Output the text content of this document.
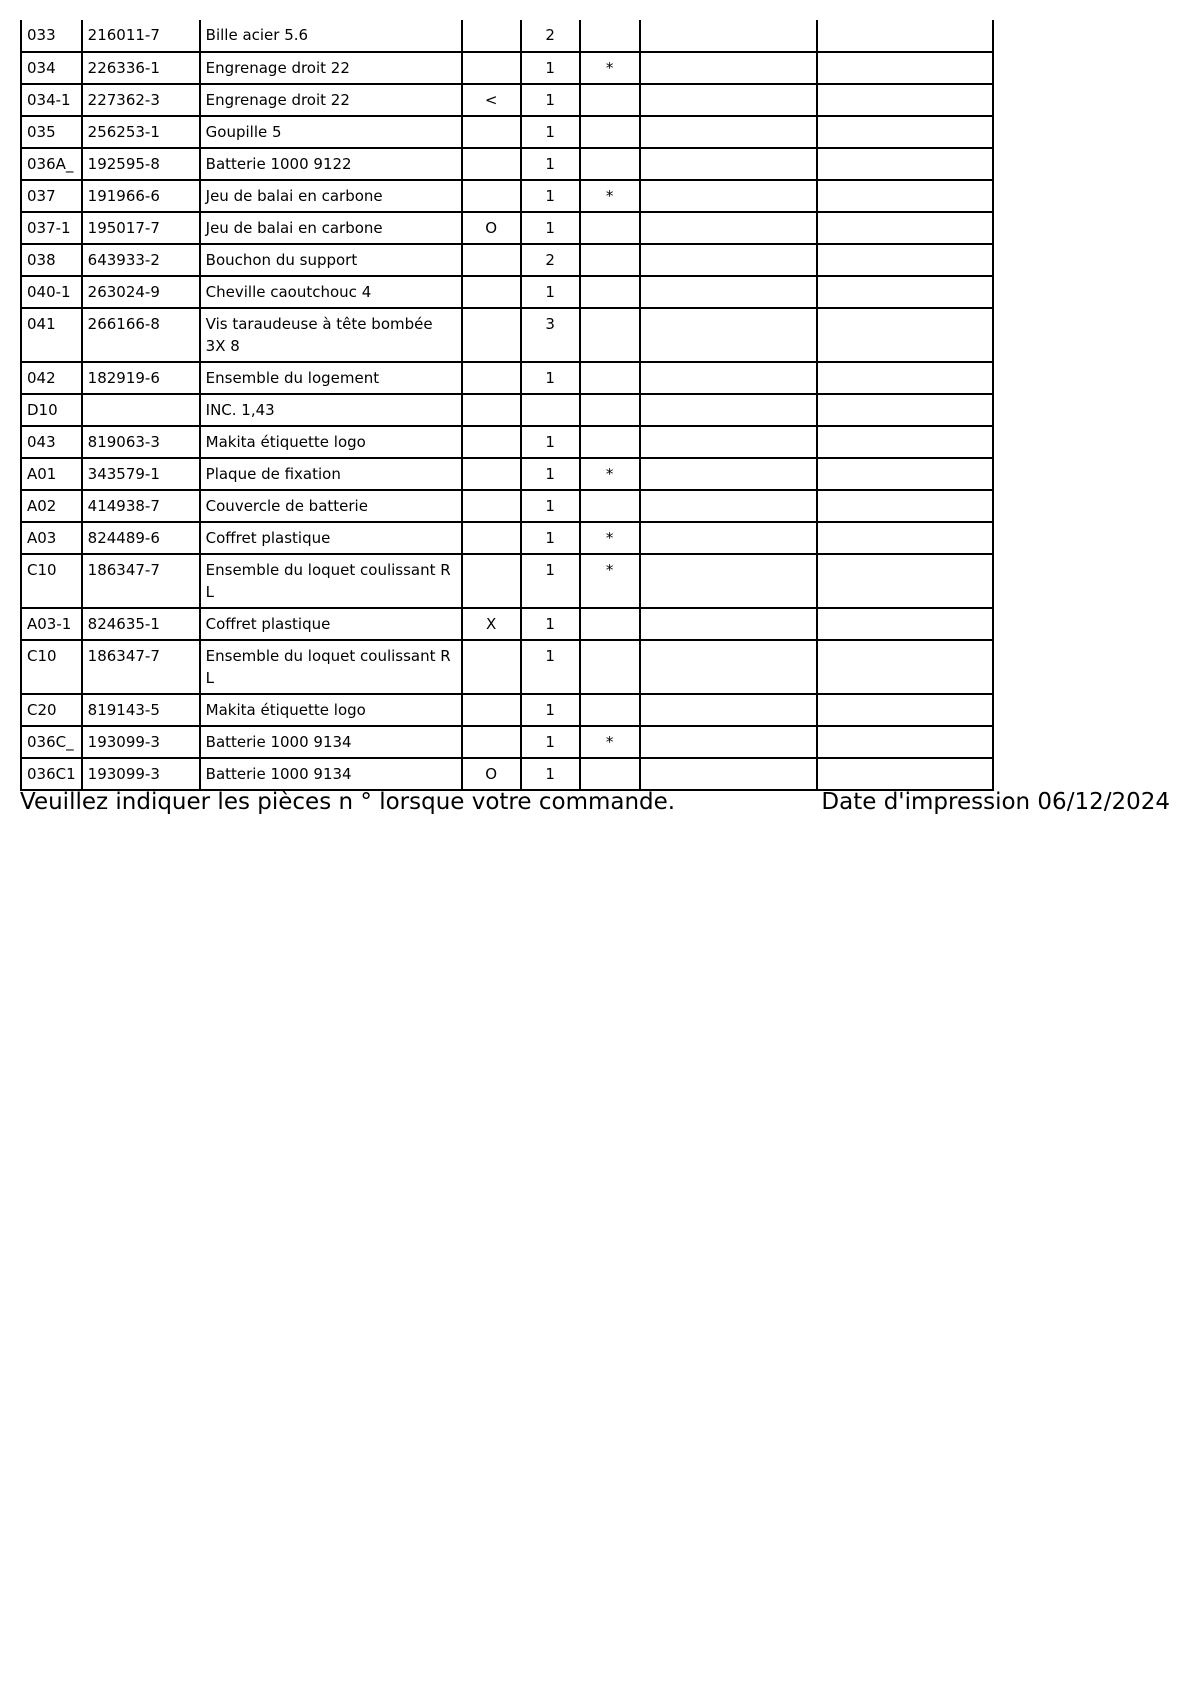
033	216011-7	Bille acier 5.6		2			
034	226336-1	Engrenage droit 22		1	*		
034-1	227362-3	Engrenage droit 22	<	1			
035	256253-1	Goupille 5		1			
036A_	192595-8	Batterie 1000 9122		1			
037	191966-6	Jeu de balai en carbone		1	*		
037-1	195017-7	Jeu de balai en carbone	O	1			
038	643933-2	Bouchon du support		2			
040-1	263024-9	Cheville caoutchouc 4		1			
041	266166-8	Vis taraudeuse à tête bombée 3X 8		3			
042	182919-6	Ensemble du logement		1			
D10		INC. 1,43					
043	819063-3	Makita étiquette logo		1			
A01	343579-1	Plaque de fixation		1	*		
A02	414938-7	Couvercle de batterie		1			
A03	824489-6	Coffret plastique		1	*		
C10	186347-7	Ensemble du loquet coulissant R L		1	*		
A03-1	824635-1	Coffret plastique	X	1			
C10	186347-7	Ensemble du loquet coulissant R L		1			
C20	819143-5	Makita étiquette logo		1			
036C_	193099-3	Batterie 1000 9134		1	*		
036C1	193099-3	Batterie 1000 9134	O	1			
Veuillez indiquer les pièces n ° lorsque votre commande.	Date d'impression 06/12/2024
